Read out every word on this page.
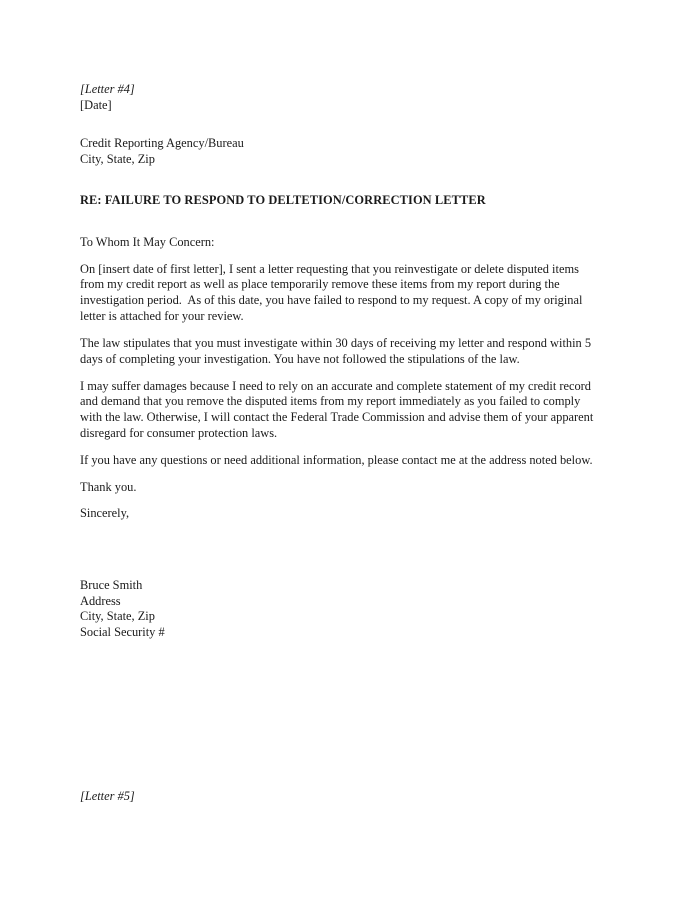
[Letter #4]
[Date]
Credit Reporting Agency/Bureau
City, State, Zip
RE: FAILURE TO RESPOND TO DELTETION/CORRECTION LETTER
To Whom It May Concern:

On [insert date of first letter], I sent a letter requesting that you reinvestigate or delete disputed items from my credit report as well as place temporarily remove these items from my report during the investigation period.  As of this date, you have failed to respond to my request. A copy of my original letter is attached for your review.

The law stipulates that you must investigate within 30 days of receiving my letter and respond within 5 days of completing your investigation. You have not followed the stipulations of the law.

I may suffer damages because I need to rely on an accurate and complete statement of my credit record and demand that you remove the disputed items from my report immediately as you failed to comply with the law. Otherwise, I will contact the Federal Trade Commission and advise them of your apparent disregard for consumer protection laws.

If you have any questions or need additional information, please contact me at the address noted below.

Thank you.
Sincerely,
Bruce Smith
Address
City, State, Zip
Social Security #
[Letter #5]
